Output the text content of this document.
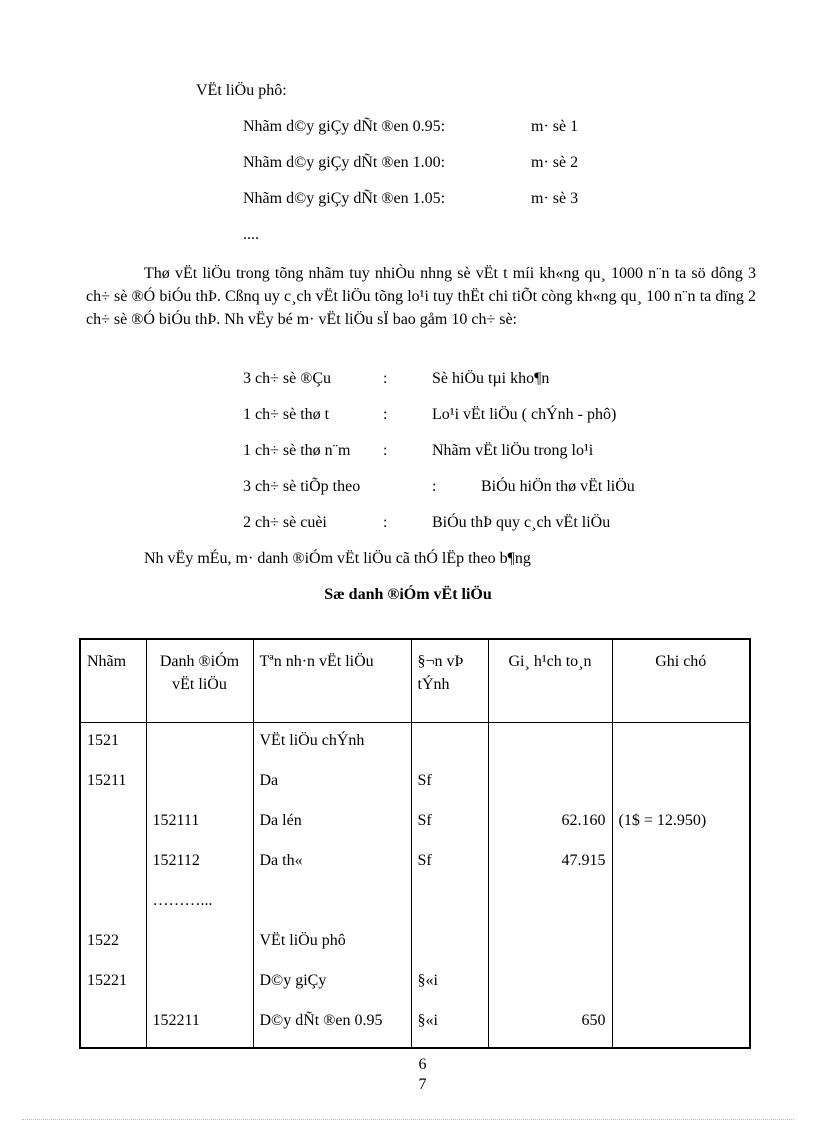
VËt liÖu phô:
Nhãm d©y giÇy dÑt ®en 0.95:	m· sè 1
Nhãm d©y giÇy dÑt ®en 1.00:	m· sè 2
Nhãm d©y giÇy dÑt ®en 1.05:	m· sè 3
....
Thø vËt liÖu trong tõng nhãm tuy nhiÒu nhng sè vËt t míi kh«ng qu¸ 1000 n¨n ta sö dông 3 ch÷ sè ®Ó biÓu thÞ. Cßnq uy c¸ch vËt liÖu tõng lo¹i tuy thËt chi tiÕt còng kh«ng qu¸ 100 n¨n ta dïng 2 ch÷ sè ®Ó biÓu thÞ. Nh vËy bé m· vËt liÖu sÏ bao gåm 10 ch÷ sè:
3 ch÷ sè ®Çu	:	Sè hiÖu tµi kho¶n
1 ch÷ sè thø t	:	Lo¹i vËt liÖu ( chÝnh - phô)
1 ch÷ sè thø n¨m :	Nhãm vËt liÖu trong lo¹i
3 ch÷ sè tiÕp theo	:	BiÓu hiÖn thø vËt liÖu
2 ch÷ sè cuèi	:	BiÓu thÞ quy c¸ch vËt liÖu
Nh vËy mÉu, m· danh ®iÓm vËt liÖu cã thÓ lËp theo b¶ng
Sæ danh ®iÓm vËt liÖu
Nhãm	Danh ®iÓm vËt liÖu	Tªn nh·n vËt liÖu	§¬n vÞ tÝnh	Gi¸ h¹ch to¸n	Ghi chó
1521		VËt liÖu chÝnh			
15211		Da	Sf		
	152111	Da lén	Sf	62.160	(1$ = 12.950)
	152112	Da th«	Sf	47.915	
	………...				
1522		VËt liÖu phô			
15221		D©y giÇy	§«i		
	152211	D©y dÑt ®en 0.95	§«i	650	
6
7
